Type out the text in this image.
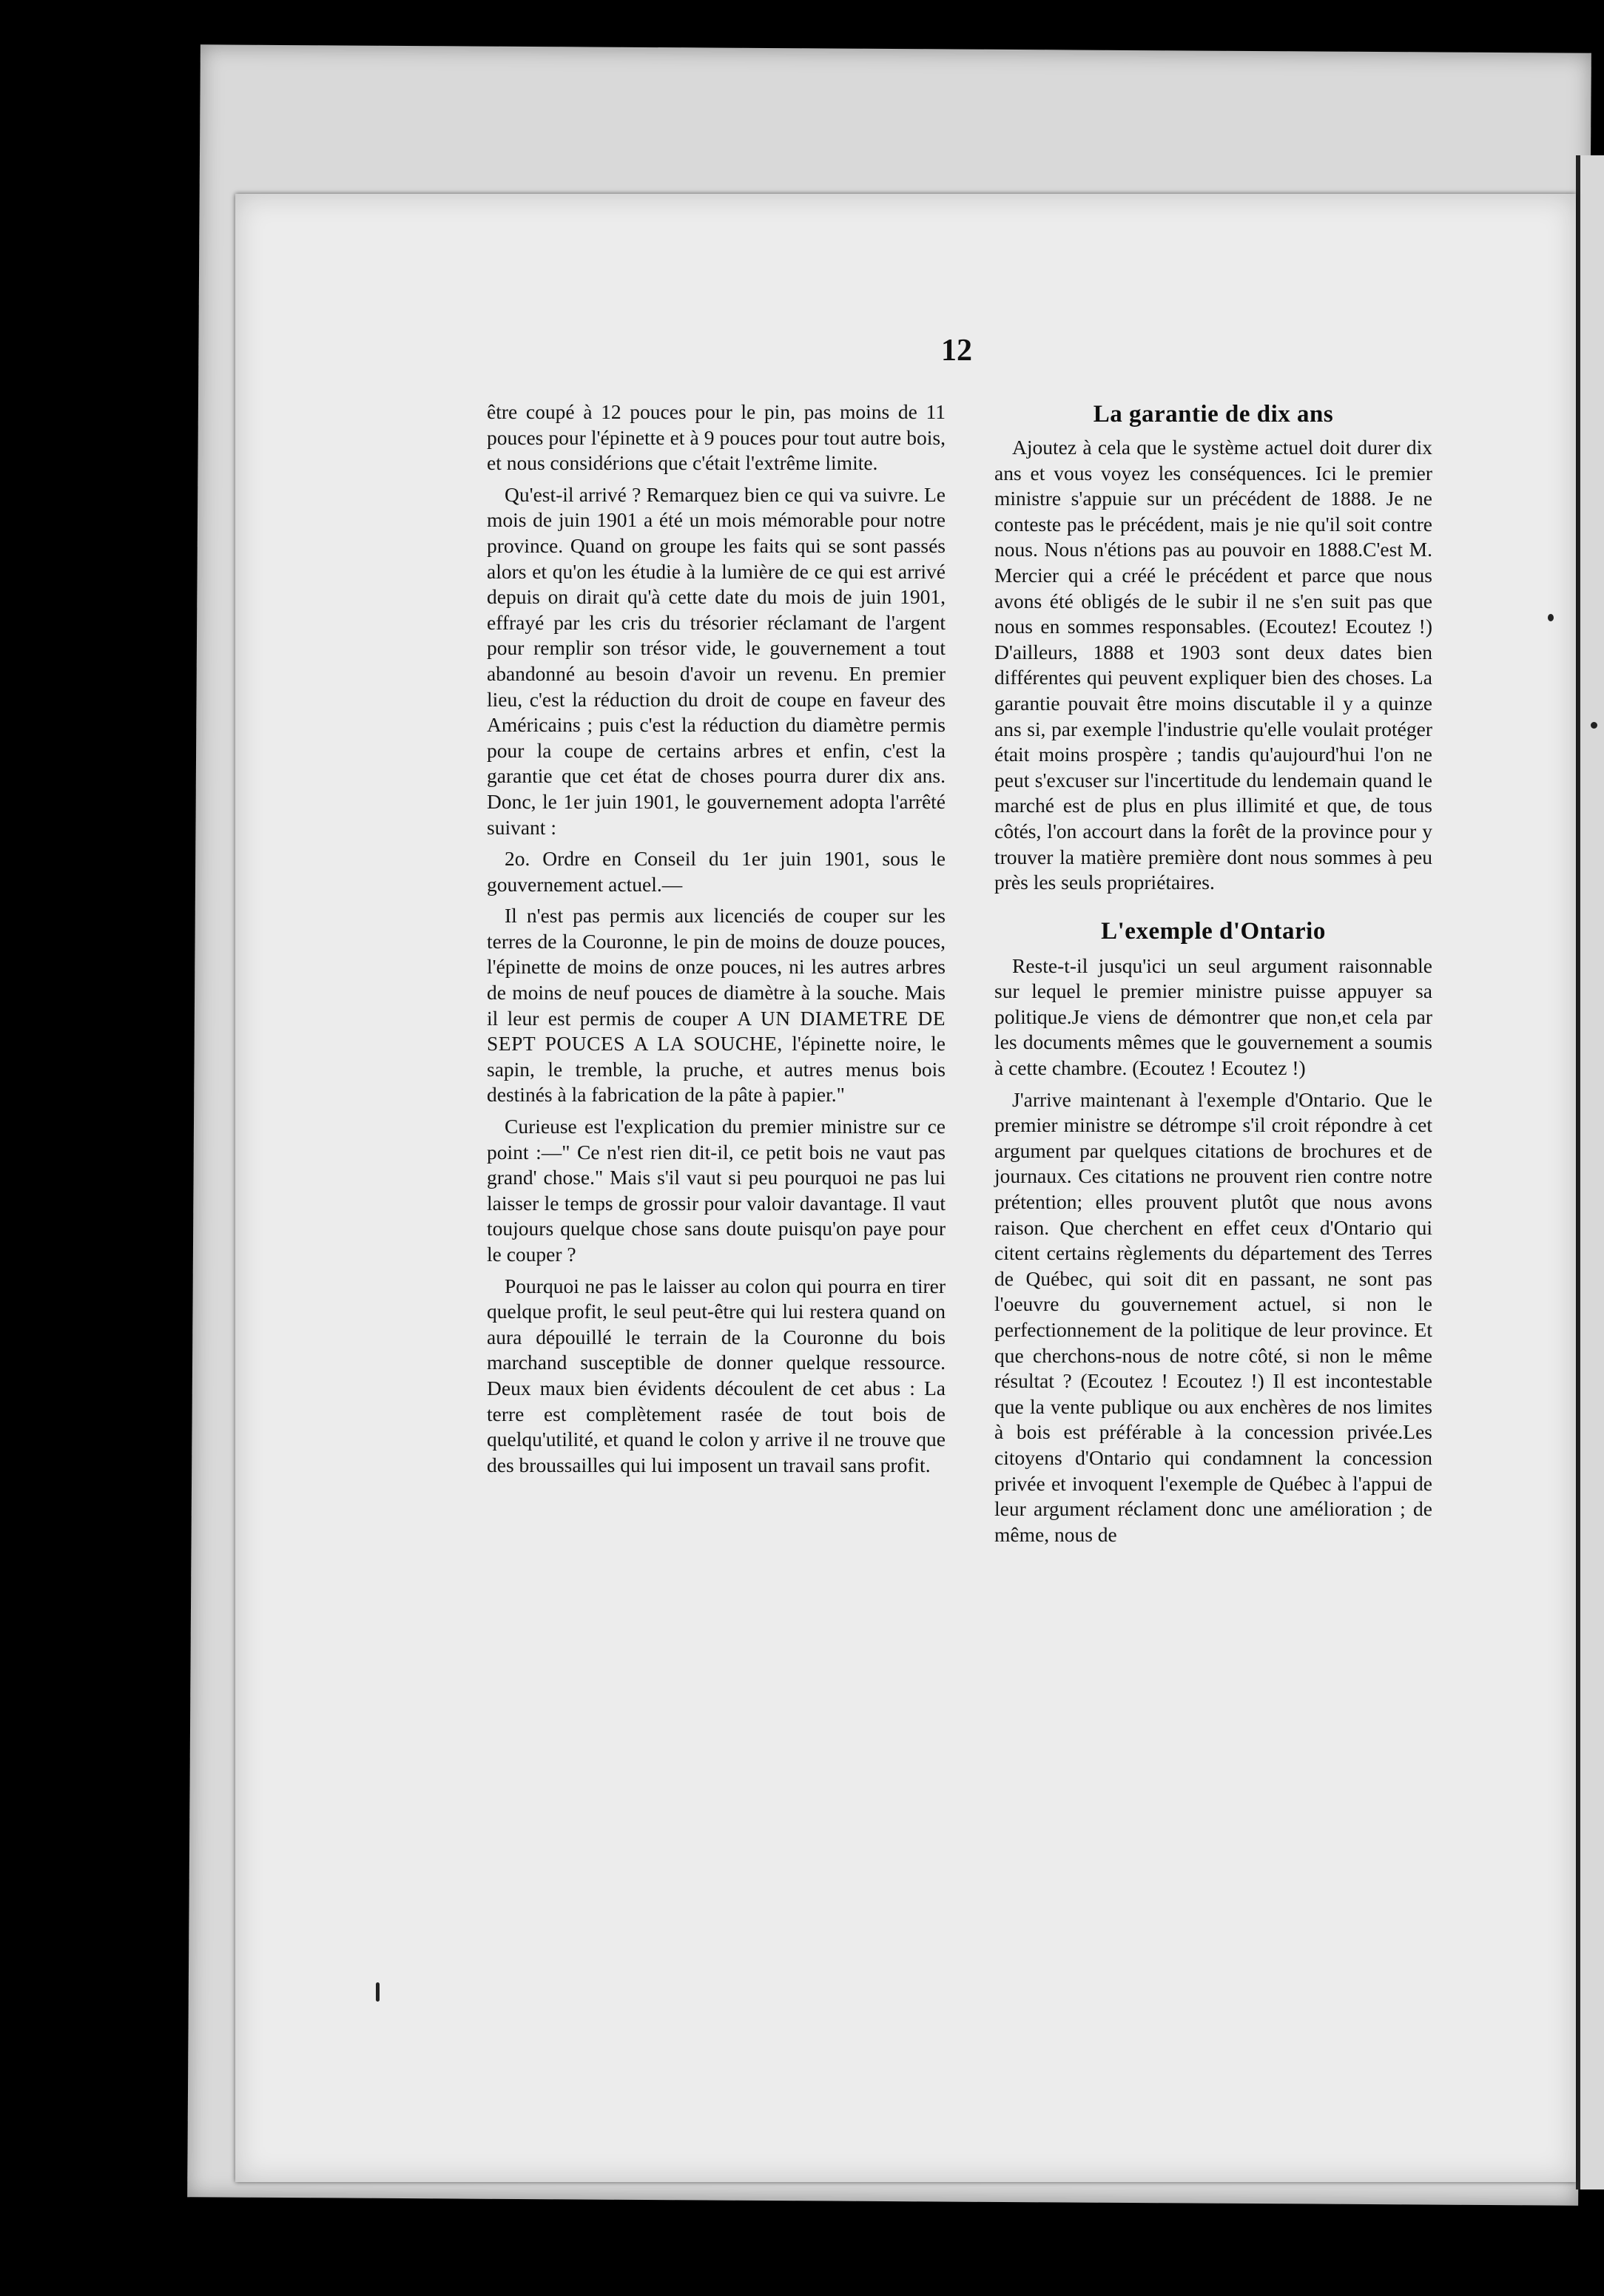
12

être coupé à 12 pouces pour le pin, pas moins de 11 pouces pour l'épinette et à 9 pouces pour tout autre bois, et nous considérions que c'était l'extrême limite.

Qu'est-il arrivé ? Remarquez bien ce qui va suivre. Le mois de juin 1901 a été un mois mémorable pour notre province. Quand on groupe les faits qui se sont passés alors et qu'on les étudie à la lumière de ce qui est arrivé depuis on dirait qu'à cette date du mois de juin 1901, effrayé par les cris du trésorier réclamant de l'argent pour remplir son trésor vide, le gouvernement a tout abandonné au besoin d'avoir un revenu. En premier lieu, c'est la réduction du droit de coupe en faveur des Américains ; puis c'est la réduction du diamètre permis pour la coupe de certains arbres et enfin, c'est la garantie que cet état de choses pourra durer dix ans. Donc, le 1er juin 1901, le gouvernement adopta l'arrêté suivant :

2o. Ordre en Conseil du 1er juin 1901, sous le gouvernement actuel.—

Il n'est pas permis aux licenciés de couper sur les terres de la Couronne, le pin de moins de douze pouces, l'épinette de moins de onze pouces, ni les autres arbres de moins de neuf pouces de diamètre à la souche. Mais il leur est permis de couper A UN DIAMETRE DE SEPT POUCES A LA SOUCHE, l'épinette noire, le sapin, le tremble, la pruche, et autres menus bois destinés à la fabrication de la pâte à papier."

Curieuse est l'explication du premier ministre sur ce point :—" Ce n'est rien dit-il, ce petit bois ne vaut pas grand' chose." Mais s'il vaut si peu pourquoi ne pas lui laisser le temps de grossir pour valoir davantage. Il vaut toujours quelque chose sans doute puisqu'on paye pour le couper ?

Pourquoi ne pas le laisser au colon qui pourra en tirer quelque profit, le seul peut-être qui lui restera quand on aura dépouillé le terrain de la Couronne du bois marchand susceptible de donner quelque ressource. Deux maux bien évidents découlent de cet abus : La terre est complètement rasée de tout bois de quelqu'utilité, et quand le colon y arrive il ne trouve que des broussailles qui lui imposent un travail sans profit.

La garantie de dix ans

Ajoutez à cela que le système actuel doit durer dix ans et vous voyez les conséquences. Ici le premier ministre s'appuie sur un précédent de 1888. Je ne conteste pas le précédent, mais je nie qu'il soit contre nous. Nous n'étions pas au pouvoir en 1888.C'est M. Mercier qui a créé le précédent et parce que nous avons été obligés de le subir il ne s'en suit pas que nous en sommes responsables. (Ecoutez! Ecoutez !) D'ailleurs, 1888 et 1903 sont deux dates bien différentes qui peuvent expliquer bien des choses. La garantie pouvait être moins discutable il y a quinze ans si, par exemple l'industrie qu'elle voulait protéger était moins prospère ; tandis qu'aujourd'hui l'on ne peut s'excuser sur l'incertitude du lendemain quand le marché est de plus en plus illimité et que, de tous côtés, l'on accourt dans la forêt de la province pour y trouver la matière première dont nous sommes à peu près les seuls propriétaires.

L'exemple d'Ontario

Reste-t-il jusqu'ici un seul argument raisonnable sur lequel le premier ministre puisse appuyer sa politique.Je viens de démontrer que non,et cela par les documents mêmes que le gouvernement a soumis à cette chambre. (Ecoutez ! Ecoutez !)

J'arrive maintenant à l'exemple d'Ontario. Que le premier ministre se détrompe s'il croit répondre à cet argument par quelques citations de brochures et de journaux. Ces citations ne prouvent rien contre notre prétention; elles prouvent plutôt que nous avons raison. Que cherchent en effet ceux d'Ontario qui citent certains règlements du département des Terres de Québec, qui soit dit en passant, ne sont pas l'oeuvre du gouvernement actuel, si non le perfectionnement de la politique de leur province. Et que cherchons-nous de notre côté, si non le même résultat ? (Ecoutez ! Ecoutez !) Il est incontestable que la vente publique ou aux enchères de nos limites à bois est préférable à la concession privée.Les citoyens d'Ontario qui condamnent la concession privée et invoquent l'exemple de Québec à l'appui de leur argument réclament donc une amélioration ; de même, nous de
